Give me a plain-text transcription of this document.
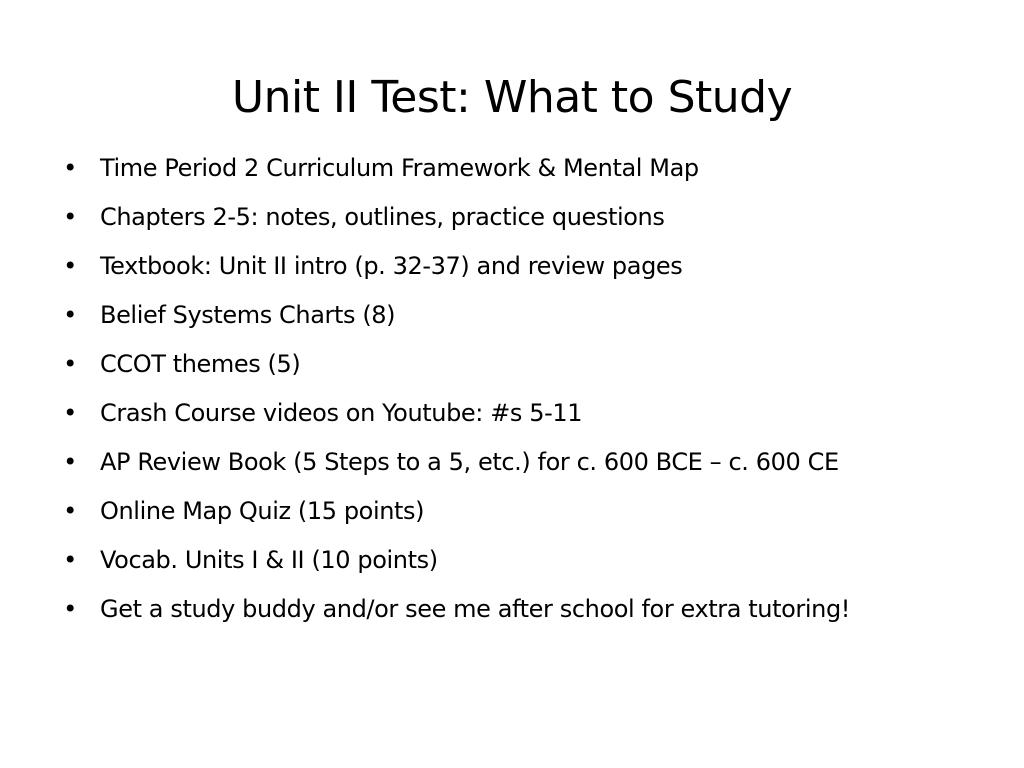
Unit II Test: What to Study
• Time Period 2 Curriculum Framework & Mental Map
• Chapters 2-5: notes, outlines, practice questions
• Textbook: Unit II intro (p. 32-37) and review pages
• Belief Systems Charts (8)
• CCOT themes (5)
• Crash Course videos on Youtube: #s 5-11
• AP Review Book (5 Steps to a 5, etc.) for c. 600 BCE – c. 600 CE
• Online Map Quiz (15 points)
• Vocab. Units I & II (10 points)
• Get a study buddy and/or see me after school for extra tutoring!
